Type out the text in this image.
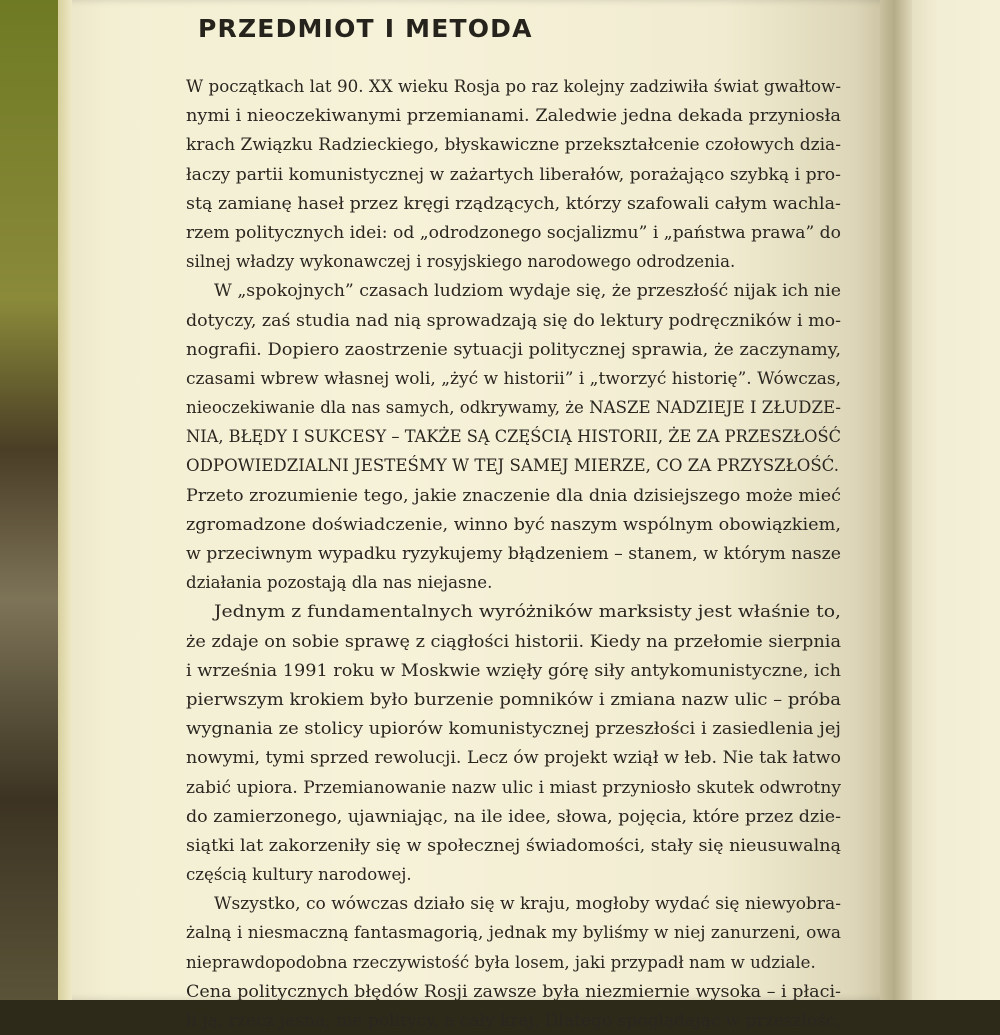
PRZEDMIOT I METODA
W początkach lat 90. XX wieku Rosja po raz kolejny zadziwiła świat gwałtow-
nymi i nieoczekiwanymi przemianami. Zaledwie jedna dekada przyniosła
krach Związku Radzieckiego, błyskawiczne przekształcenie czołowych dzia-
łaczy partii komunistycznej w zażartych liberałów, porażająco szybką i pro-
stą zamianę haseł przez kręgi rządzących, którzy szafowali całym wachla-
rzem politycznych idei: od „odrodzonego socjalizmu” i „państwa prawa” do
silnej władzy wykonawczej i rosyjskiego narodowego odrodzenia.
W „spokojnych” czasach ludziom wydaje się, że przeszłość nijak ich nie
dotyczy, zaś studia nad nią sprowadzają się do lektury podręczników i mo-
nografii. Dopiero zaostrzenie sytuacji politycznej sprawia, że zaczynamy,
czasami wbrew własnej woli, „żyć w historii” i „tworzyć historię”. Wówczas,
nieoczekiwanie dla nas samych, odkrywamy, że NASZE NADZIEJE I ZŁUDZE-
NIA, BŁĘDY I SUKCESY – TAKŻE SĄ CZĘŚCIĄ HISTORII, ŻE ZA PRZESZŁOŚĆ
ODPOWIEDZIALNI JESTEŚMY W TEJ SAMEJ MIERZE, CO ZA PRZYSZŁOŚĆ.
Przeto zrozumienie tego, jakie znaczenie dla dnia dzisiejszego może mieć
zgromadzone doświadczenie, winno być naszym wspólnym obowiązkiem,
w przeciwnym wypadku ryzykujemy błądzeniem – stanem, w którym nasze
działania pozostają dla nas niejasne.
Jednym z fundamentalnych wyróżników marksisty jest właśnie to,
że zdaje on sobie sprawę z ciągłości historii. Kiedy na przełomie sierpnia
i września 1991 roku w Moskwie wzięły górę siły antykomunistyczne, ich
pierwszym krokiem było burzenie pomników i zmiana nazw ulic – próba
wygnania ze stolicy upiorów komunistycznej przeszłości i zasiedlenia jej
nowymi, tymi sprzed rewolucji. Lecz ów projekt wziął w łeb. Nie tak łatwo
zabić upiora. Przemianowanie nazw ulic i miast przyniosło skutek odwrotny
do zamierzonego, ujawniając, na ile idee, słowa, pojęcia, które przez dzie-
siątki lat zakorzeniły się w społecznej świadomości, stały się nieusuwalną
częścią kultury narodowej.
Wszystko, co wówczas działo się w kraju, mogłoby wydać się niewyobra-
żalną i niesmaczną fantasmagorią, jednak my byliśmy w niej zanurzeni, owa
nieprawdopodobna rzeczywistość była losem, jaki przypadł nam w udziale.
Cena politycznych błędów Rosji zawsze była niezmiernie wysoka – i płaci-
li ją, rzecz jasna, nie politycy, a cały kraj. Dlatego spoglądając w przeszłość,
